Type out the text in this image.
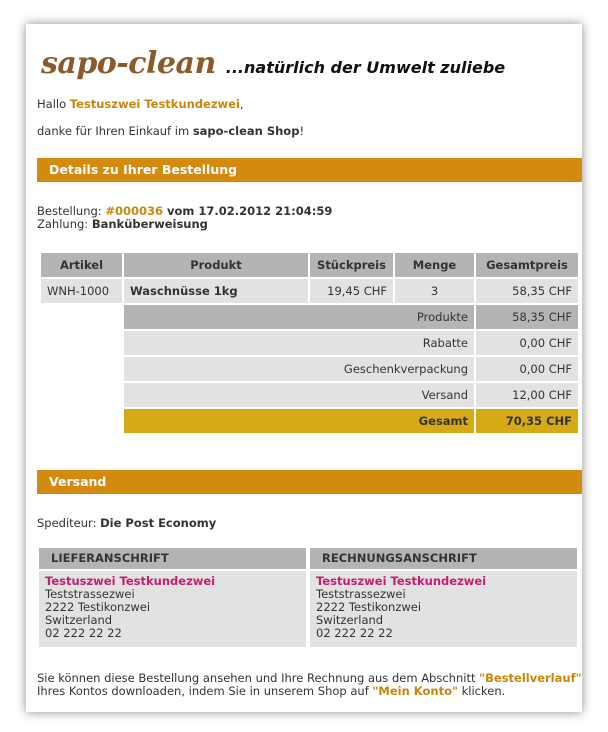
sapo-clean ...natürlich der Umwelt zuliebe
Hallo Testuszwei Testkundezwei,
danke für Ihren Einkauf im sapo-clean Shop!
Details zu Ihrer Bestellung
Bestellung: #000036 vom 17.02.2012 21:04:59
Zahlung: Banküberweisung
Artikel	Produkt	Stückpreis	Menge	Gesamtpreis
WNH-1000	Waschnüsse 1kg	19,45 CHF	3	58,35 CHF
	Produkte			58,35 CHF
	Rabatte			0,00 CHF
	Geschenkverpackung			0,00 CHF
	Versand			12,00 CHF
	Gesamt			70,35 CHF
Versand
Spediteur: Die Post Economy
LIEFERANSCHRIFT
Testuszwei Testkundezwei
Teststrassezwei
2222 Testikonzwei
Switzerland
02 222 22 22
RECHNUNGSANSCHRIFT
Testuszwei Testkundezwei
Teststrassezwei
2222 Testikonzwei
Switzerland
02 222 22 22
Sie können diese Bestellung ansehen und Ihre Rechnung aus dem Abschnitt "Bestellverlauf"
Ihres Kontos downloaden, indem Sie in unserem Shop auf "Mein Konto" klicken.
